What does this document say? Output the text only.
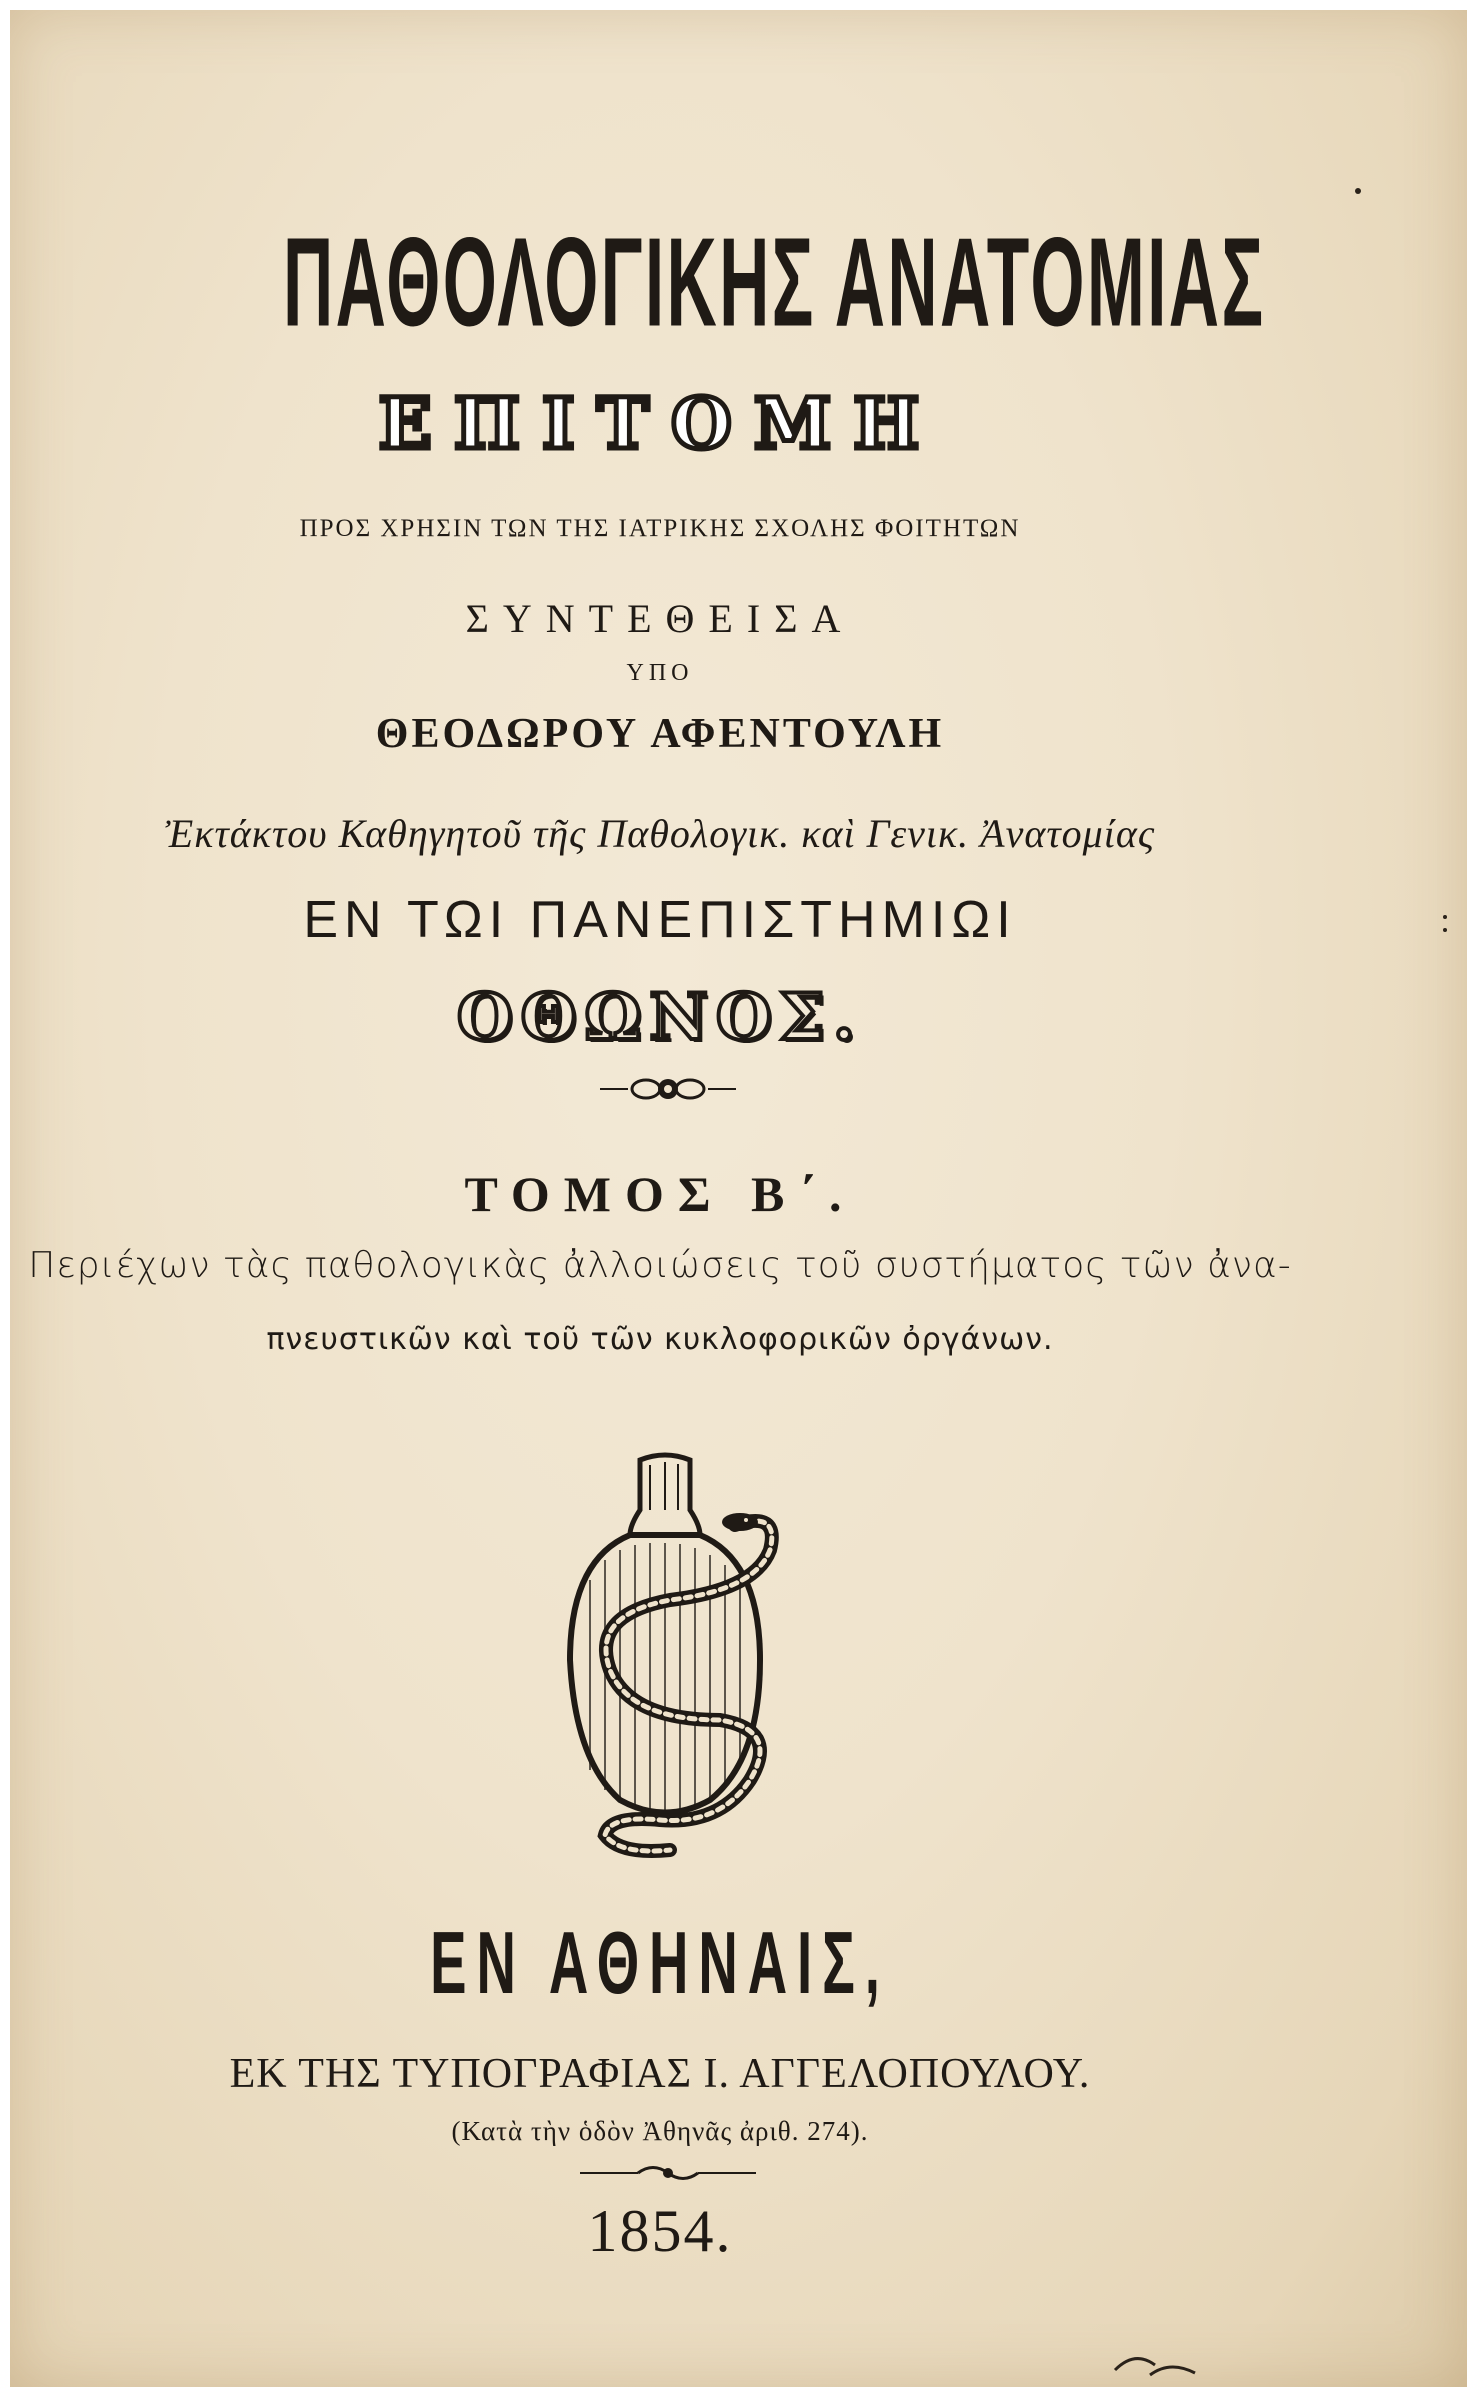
ΠΑΘΟΛΟΓΙΚΗΣ ΑΝΑΤΟΜΙΑΣ
ΕΠΙΤΟΜΗ
ΠΡΟΣ ΧΡΗΣΙΝ ΤΩΝ ΤΗΣ ΙΑΤΡΙΚΗΣ ΣΧΟΛΗΣ ΦΟΙΤΗΤΩΝ
ΣΥΝΤΕΘΕΙΣΑ
ΥΠΟ
ΘΕΟΔΩΡΟΥ ΑΦΕΝΤΟΥΛΗ
Ἐκτάκτου Καθηγητοῦ τῆς Παθολογικ. καὶ Γενικ. Ἀνατομίας
ΕΝ ΤΩΙ ΠΑΝΕΠΙΣΤΗΜΙΩΙ
ΟΘΩΝΟΣ.
ΤΟΜΟΣ Β΄.
Περιέχων τὰς παθολογικὰς ἀλλοιώσεις τοῦ συστήματος τῶν ἀνα-
πνευστικῶν καὶ τοῦ τῶν κυκλοφορικῶν ὀργάνων.
ΕΝ ΑΘΗΝΑΙΣ,
ΕΚ ΤΗΣ ΤΥΠΟΓΡΑΦΙΑΣ Ι. ΑΓΓΕΛΟΠΟΥΛΟΥ.
(Κατὰ τὴν ὁδὸν Ἀθηνᾶς ἀριθ. 274).
1854.
